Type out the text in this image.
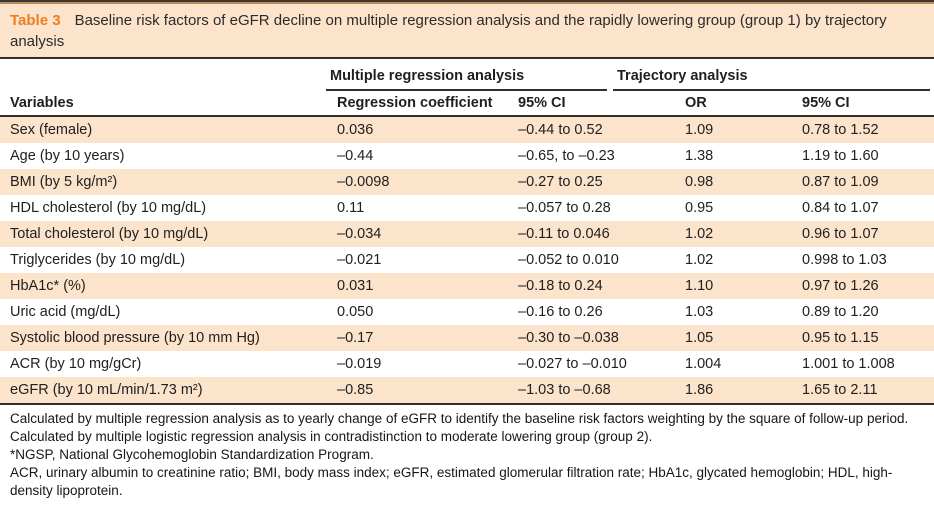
Table 3 Baseline risk factors of eGFR decline on multiple regression analysis and the rapidly lowering group (group 1) by trajectory analysis
Multiple regression analysis	Trajectory analysis
Variables	Regression coefficient	95% CI	OR	95% CI
Sex (female)	0.036	–0.44 to 0.52	1.09	0.78 to 1.52
Age (by 10 years)	–0.44	–0.65, to –0.23	1.38	1.19 to 1.60
BMI (by 5 kg/m²)	–0.0098	–0.27 to 0.25	0.98	0.87 to 1.09
HDL cholesterol (by 10 mg/dL)	0.11	–0.057 to 0.28	0.95	0.84 to 1.07
Total cholesterol (by 10 mg/dL)	–0.034	–0.11 to 0.046	1.02	0.96 to 1.07
Triglycerides (by 10 mg/dL)	–0.021	–0.052 to 0.010	1.02	0.998 to 1.03
HbA1c* (%)	0.031	–0.18 to 0.24	1.10	0.97 to 1.26
Uric acid (mg/dL)	0.050	–0.16 to 0.26	1.03	0.89 to 1.20
Systolic blood pressure (by 10 mm Hg)	–0.17	–0.30 to –0.038	1.05	0.95 to 1.15
ACR (by 10 mg/gCr)	–0.019	–0.027 to –0.010	1.004	1.001 to 1.008
eGFR (by 10 mL/min/1.73 m²)	–0.85	–1.03 to –0.68	1.86	1.65 to 2.11

Calculated by multiple regression analysis as to yearly change of eGFR to identify the baseline risk factors weighting by the square of follow-up period.

Calculated by multiple logistic regression analysis in contradistinction to moderate lowering group (group 2).

*NGSP, National Glycohemoglobin Standardization Program.

ACR, urinary albumin to creatinine ratio; BMI, body mass index; eGFR, estimated glomerular filtration rate; HbA1c, glycated hemoglobin; HDL, high-density lipoprotein.
